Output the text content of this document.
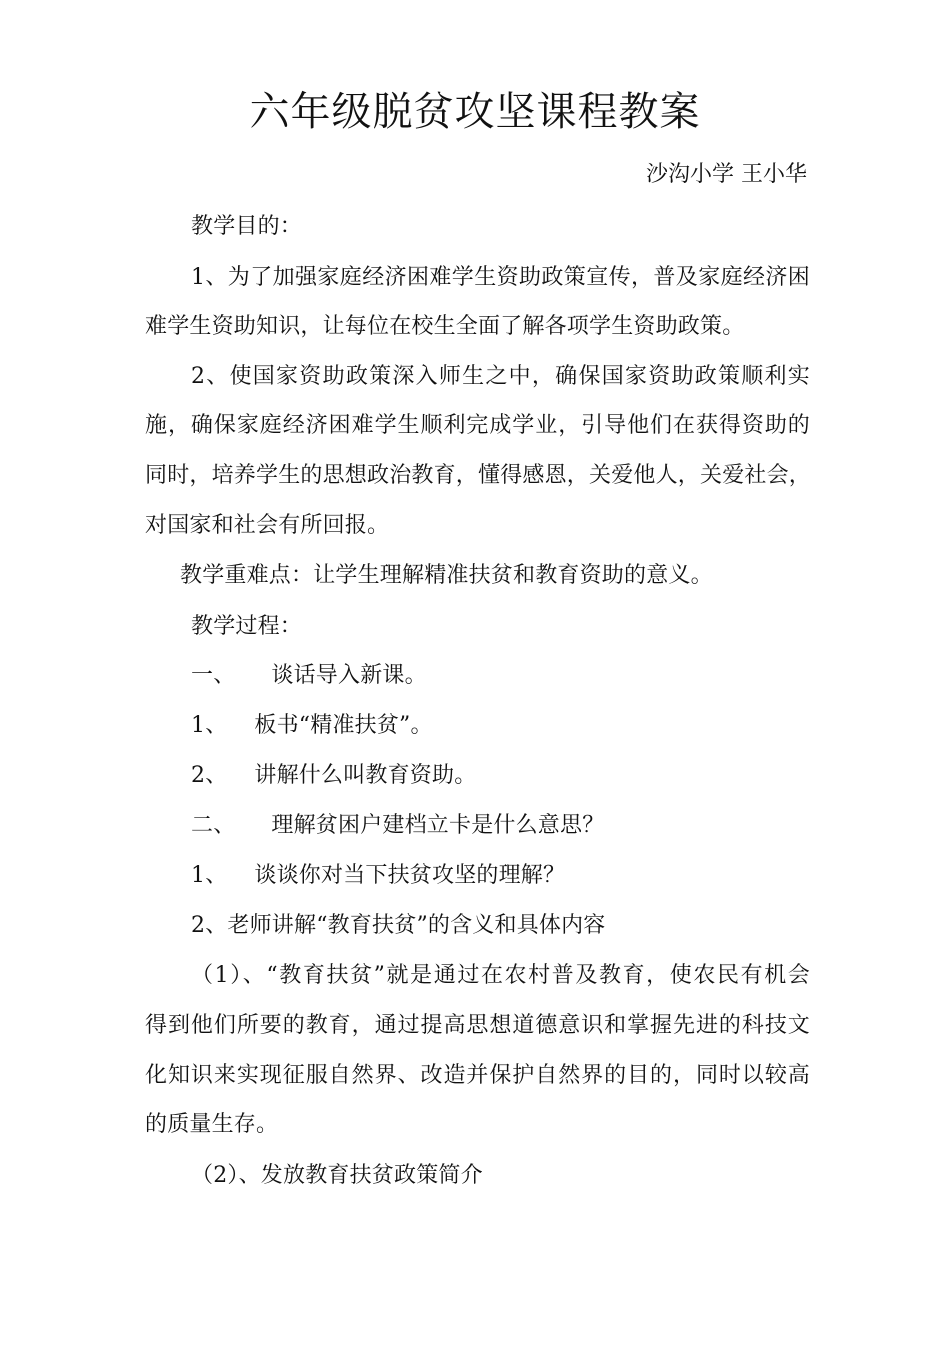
六年级脱贫攻坚课程教案
沙沟小学 王小华
教学目的：
1、为了加强家庭经济困难学生资助政策宣传，普及家庭经济困
难学生资助知识，让每位在校生全面了解各项学生资助政策。
2、使国家资助政策深入师生之中，确保国家资助政策顺利实
施，确保家庭经济困难学生顺利完成学业，引导他们在获得资助的
同时，培养学生的思想政治教育，懂得感恩，关爱他人，关爱社会，
对国家和社会有所回报。
教学重难点：让学生理解精准扶贫和教育资助的意义。
教学过程：
一、 谈话导入新课。
1、 板书“精准扶贫”。
2、 讲解什么叫教育资助。
二、 理解贫困户建档立卡是什么意思？
1、 谈谈你对当下扶贫攻坚的理解？
2、老师讲解“教育扶贫”的含义和具体内容
（1）、“教育扶贫”就是通过在农村普及教育，使农民有机会
得到他们所要的教育，通过提高思想道德意识和掌握先进的科技文
化知识来实现征服自然界、改造并保护自然界的目的，同时以较高
的质量生存。
（2）、发放教育扶贫政策简介
